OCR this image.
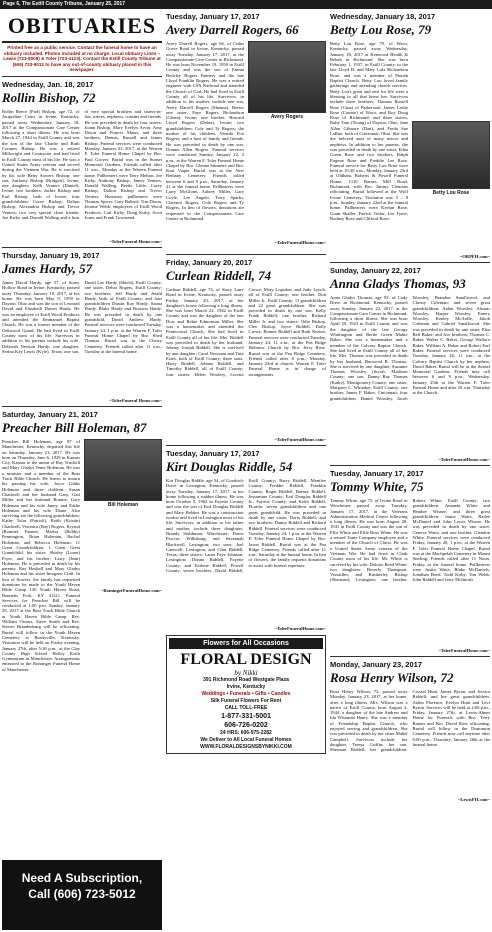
Page 6, The Estill County Tribune, January 25, 2017
OBITUARIES
Printed free as a public service. Contact the funeral home to have an obituary included. Photos included at no charge. Local obituary Lines – Lewis (723-8008) & Toler (723-4123). Contact the Estill County Tribune at (606) 723-9012 to have any out-of-county obituary placed in this newspaper.
Wednesday, Jan. 18, 2017
Rollin Bishop, 72
Rollin Reece (Pud) Bishop, age 72, of Jacqueline Court in Irvine, Kentucky, passed away Wednesday, January 18, 2017 at the Compassionate Care Center following a short illness. He was born March 27, 1944 in Estill County and was the son of the late Charlie and Ruth Coomes Bishop. He was a retired Millwright and Contractor and had lived in Estill County most of his life. He was a United States Army veteran and served during the Vietnam War. He is survived by his wife Betty Sowers Bishop; one son, Anthony Bishop (Bridgett), Irvine; one daughter; Kelli Venters (Daniel), Irvine; two brothers; Jackie Bishop and Earl Bishop, both of Irvine; four grandchildren; Corey Bishop, Dalton Bishop, Alexandria Bishop and Trevor Venters; two very special close friends: Joe Kirby and Donald Walling and a host of very special brothers and sisters-in-law, nieces, nephews, cousins and friends. He was preceded in death by four sisters: Joann Bishop, Mary Evelyn Arvin, Amy Dixon and Francis Mann; and three brothers; Dennis, Russell and James Bishop. Funeral services were conducted Monday, January 23, 2017, at the Warren F. Toler Funeral Home Chapel by Bro. Paul Grover. Burial was in the Sunset Memorial Gardens. Friends called after 11 a.m., Monday at the Warren Funeral home. Pallbearers were Terry Melton, Joe Kirby, Anthony Bishop, Jamey Venters, Donald Walling, Beetle Little, Corey Bishop, Dalton Bishop and Trevor Venters. Honorary pallbearers were Thomas Spicer, Gary Ballard, Tim Dixon, Jerome Webb, employees of Estill Wood Products, Carl Kirby, Doug Kirby, Scott Jones and Frank Townsend.
~TolerFuneral Home.com~
Thursday, January 19, 2017
James Hardy, 57
James David Hardy, age 57, of Stony Hollow Road in Irvine, Kentucky, passed away Thursday, January 19, 2017, at his home. He was born May 9, 1959 in Dayton, Ohio and was the son of Leonard David and Elizabeth Dawes Hardy. He was an employee of Estill Wood Products and attended the Emmanuel Baptist Church. He was a former member of the Oakwood Guard. He had lived in Estill County most of his life. Survivors in addition to his parents include his wife, Deborah Newton Hardy; one daughter, Serina Kay Lewis (Kyle), Texas; one son, David Lee Hardy (Shiela), Estill County; one sister, Debra Rogers, Estill County; two brothers; Jeff Hardy and Jerald Hardy, both of Estill County; and four grandchildren Dustin Kay Hardy, Sauna Hardy, Blake Hardy and Braxton Hardy. He was preceded in death by one grandchild, David Andrew Hardy. Funeral services were conducted Tuesday, January 24, 1 p.m. at the Warren F. Toler Funeral Home Chapel by Bro. Shed Thomas. Burial was in the Cherry Cemetery. Friends called after 11 a.m., Tuesday at the funeral home.
~TolerFuneral Home.com~
Saturday, January 21, 2017
Preacher Bill Holeman, 87
Preacher Bill Holeman, age 87 of Manchester, Kentucky, departed this life on Saturday, January 21, 2017. He was born on Thursday, June 6, 1929 in Kansas City, Kansas to the union of Ray Truckell and Mary Gladys Vener Holeman. He was a minister and a member of the Bear Track Bible Church. He leaves to mourn his passing his wife, Joyce Gibbs Holeman and three children: Susan Chadwell and her husband Gary, Gail Miller and her husband Ronnie, Gary Holeman and his wife Janey, and Eddie Holeman and his wife Diane. Also surviving are the following grandchildren: Kathy Tolar (Patrick), Keith (Kristin) Chadwell, Veronica (Ray) Rogers, Krystal (Ronnie) Farmer, Marisa (Bobby) Pennington, Brian Holeman, Rachel Holeman, and Rebecca Holeman, 11 Great Grandchildren, 1 Great Great Grandchild, his sister: Shirley (Loren) Fryer, and his brother: Larry (Jean) Holeman. He is preceded in death by his parents: Ray Hoskell and Mary Gladys Holeman and his sister Imogene Craft. In lieu of flowers, the family has requested donations be made to the Youth Haven Bible Camp 150 Youth Haven Road, Bennetts Fork, KY 41311. Funeral Services for Preacher Bill will be conducted at 1:00 p.m. Sunday, January 29, 2017 at the Bear Track Bible Church at Youth Haven Bible Camp. Rev. William Owens, Steve Smith and Rev. Steven Brandenburg will be officiating. Burial will follow in the Youth Haven Cemetery at Beattyville, Kentucky. Visitation will be held on Friday evening, January 27th, after 5:30 p.m., at the Clay County High School Holley Keith Gymnasium in Manchester. Arrangements entrusted to the Rominger Funeral Home of Manchester.
Bill Holeman
~RomingerFuneralHome.com~
Need A Subscription,
Call (606) 723-5012
Tuesday, January 17, 2017
Avery Darrell Rogers, 66
Avery Darrell Rogers, age 66, of Cedar Grove Road in Irvine, Kentucky, passed away Tuesday, January 17, 2017, at the Compassionate Care Center in Richmond. He was born November 19, 1950 in Estill County and was the son of Emma Beckley Rogers Fannery and the late Lloyd Franklin Rogers. He was a retired engineer with CSX Railroad and attended the Church of God. He had lived in Estill County all of his life. Survivors, in addition to his mother, include one son, Avery Darrell Rogers (Shauna), Berea; one sister, Faye Rogers Richardson (Glenn), Irvine; one brother, Howard Lloyd Rogers (Debra), Irvine; two grandchildren; Cole and Ty Rogers; the mother of his children, Veneda Fox Rogers; and a host of family and friends. He was preceded in death by one son, Donnie Allen Rogers. Funeral services were conducted Sunday, January 22, 2 p.m., at the Warren F. Toler Funeral Home Chapel by Bro. Glenna Stinnette and Bro. Kurt Vaque. Burial was at the New Bethany Cemetery. Friends called between 6 and 9 p.m., Saturday, January 21 at the funeral home. Pallbearers were Larry McGlone, Aubrey Miller, Gary Coyle, Lee Angelo, Terry Sparks, Clarence Rogers, Cole Rogers and Ty Rogers. In lieu of flowers, donations are requested to the Compassionate Care Center in Richmond.
Avery Rogers
~TolerFuneralHome.com~
Friday, January 20, 2017
Curlean Riddell, 74
Curlean Riddell, age 74, of Stacy Lane Road in Irvine, Kentucky, passed away Friday, January 20, 2017, at her daughter's house following a long illness. She was born March 22, 1942 in Estill County and was the daughter of the late Dow and Rebie Edmonson Miller. She was a homemaker and attended the Pentecostal Church. She had lived in Estill County all of her life. Mrs. Riddell was preceded in death by her husband, Johnny Joseph Riddell. She is survived by one daughter; Carol Newman and Tina Estes, both of Estill County; three sons: Harry Riddell, Johnny Riddell, and Timothy Riddell, all of Estill County; four sisters; Helen Woolery, Loretta Crowe, Mary Logsdon, and Judy Lynch, all of Estill County; one brother, Don Miller Jr., Estill County; 11 grandchildren and 22 great grandchildren. She was preceded in death by one son, Kelly Frank Riddell; one brother, Richard Miller Jr. and two sisters: Odie Bishop, Cleo Bishop, Joyce Riddell, Dolly Crowe, Bonnie Riddell and Ruth Norton. Funeral services were conducted Tuesday, January 24, 11 a.m., at the Pea Ridge Holiness Church by Bro. Jerry Rose. Burial was at the Pea Ridge Cemetery. Friends called after 6 p.m., Monday, January 23rd at church. Warren F. Toler Funeral Home is in charge of arrangements.
~TolerFuneralHome.com~
Tuesday, January 17, 2017
Kirt Douglas Riddle, 54
Kirt Douglas Riddle, age 54, of Goodrich Drive in Lexington, Kentucky, passed away Tuesday, January 17, 2017, at his home following a sudden illness. He was born October 5, 1962 in Fayette County and was the son of Earl Douglas Riddell and Mary Belden. He was a construction worker and lived in Lexington most of his life. Survivors, in addition to his father and mother, include three daughters: Brandy Stubbman, Winchester; Dawn Proctor, Wilkshurg; and Savannah Blackwell, Lexington; two sons: Joel Cantwell, Lexington, and Clint Riddell, Texas; three sisters: Laura Faye Johnson, Lexington; Donna Riddell, Fayette County; and Earlene Riddell, Powell County; seven brothers: David Riddell, Estill County; Barry Riddell, Menifee County; Freddie Riddell, Franklin County; Roger Riddell, Barney Riddell, Jessamine County; Earl Douglas Riddell Jr., Fayette County; and Keith Riddell, Florida; seven grandchildren and one great grandchild. He was preceded in death by one sister, Doris Riddell; and two brothers: Danny Riddell and Richard Riddell. Funeral services were conducted Tuesday, January 24, 1 p.m. at the Warren F. Toler Funeral Home Chapel by Bro. Jason Riddell. Burial was at the Pea Ridge Cemetery. Friends called after 11 a.m., Saturday at the funeral home. In lieu of flowers, the family requests donations to assist with funeral expenses.
~TolerFuneralHome.com~
Flowers for All Occasions
FLORAL DESIGN
by Nikki
391 Richmond Road Westgate Plaza
Irvine, Kentucky
Weddings • Funerals • Gifts • Candles
Silk Funeral Flowers For Rent
CALL TOLL-FREE
1-877-331-5001
606-726-0202
24 HRS: 606-975-2282
We Deliver to All Local Funeral Homes
WWW.FLORALDESIGNSBYNIKKI.COM
Wednesday, January 18, 2017
Betty Lou Rose, 79
Betty Lou Rose, age 79, of Waco, Kentucky, passed away Wednesday, January 18, 2017 at Kenwood Health & Rehab in Richmond. She was born February 1, 1937, in Estill County, to the late Lloyd B. and Mary Lula Richardson Rose, and was a member of Pinoak Baptist Church. Betty Lou loved family gatherings and attending church services. Betty Lou's great and zest for life were a blessing to all that knew her. Survivors include three brothers, Thomas Russell Rose (Gina) of Parkersoul, James Leslie Rose (Connie) of Waco, and Roy Doug Rose of Richmond; and three sisters, Ruby Tom (Young) of Dayton, Ohio, Jane Allen Gilmore (Dan), and Freda Sue LaRue, both of Cincinnati, Ohio. She was the beloved aunt of many nieces and nephews. In addition to her parents, she was preceded in death by one sister, Edna Green Rose and two brothers, Ralph Eugene Rose and Freddie Lee Rose. Funeral service for Betty Lou Rose were held at 10:30 a.m., Monday, January 23rd at Oldham, Roberts & Powell Funeral Home, 1110 Barnes Mill Road, Richmond, with Bro. Jimmy Clemons officiating. Burial followed at the Wolf Irvine Cemetery. Visitation was 5 – 8 p.m., Sunday, January 22nd at the funeral home. Pallbearers were Keelan Rose, Grant Skaller, Patrick Tudor, Lee Tyner, Rodney Rose and Clifford Rose.
Betty Lou Rose
~ORPFH.com~
Sunday, January 22, 2017
Anna Gladys Thomas, 93
Anna Gladys Thomas, age 93, of Cady Drive in Richmond, Kentucky, passed away Sunday, January 22, 2017, at the Compassionate Care Center in Richmond, following a short illness. She was born April 29, 1923 in Estill County and was the daughter of the late George Whittington and Bertie Green Mabie Baker. She was a homemaker and a member of the Calvary Baptist Church. She had lived in Estill County all of her life. Mrs. Thomas was preceded in death by her husband, Burwood R. Thomas. She is survived by one daughter, Suzanne Thomas Woosley (Scott), Madison County; one son, Danny Ray Thomas (Kathy), Montgomery County; one sister, Margaret L. Whitaker, Estill County; one brother, James F. Baker, Cincinnati; four grandchildren, Daniel Woosley, Jacob Woosley, Brandon Smallwood, and Christy Coleman; and seven great grandchildren; Aidan Woosley, Alistair Woosley, Harper Woosley, Emery Woosley, Kenley McArdle, Jakob Coleman and Gabriel Smallwood. She was preceded in death by one sister, Elza Bell Baker; and five brothers; Thomas C. Baker, Walter C. Baker, George Wallace Baker, William A. Baker and Robert Earl Baker. Funeral services were conducted Tuesday, January 26, 11 a.m., at the Calvary Baptist Church by her nephew, David Baker. Burial will be at the Sunset Memorial Gardens. Friends may call between 6 and 9 p.m., Wednesday, January 25th at the Warren F. Toler Funeral Home and after 10 a.m. Thursday at the Church.
~TolerFuneralHome.com~
Tuesday, January 17, 2017
Tommy White, 75
Tommy White, age 75, of Irvine Road in Winchester passed away Tuesday, January 17, 2017, at the Veterans Administration Medical Center following a long illness. He was born August 28, 1941 in Estill County and was the son of Ellis White and Effie Ross White. He was a retired Trane Company employee and a member of the Church of Christ. He was a United States Army veteran of the Vietnam War. He had lived in Clark County most of his life. Mr. White is survived by his wife, Deloris Reed White; two daughters: Beverly Thompson, Versailles; and Kimberley Bishop (Sherman), Lexington; one brother, Robert White, Estill County; two grandchildren: Amanda White and Heather Wisner; and three great grandchildren: Jaime Watts, Bailee McDaniel and John Lewis Wisner. He was preceded in death by one sister, Geneva Watts; and one brother, Glendon White. Funeral services were conducted Friday, January 20, 1 p.m., at the Warren F. Toler Funeral Home Chapel. Burial was at the Machpelah Cemetery in Mount Sterling. Friends called after 11 Noon, Friday, at the funeral home. Pallbearers were Justin Watts, Blake McDaniels, Jonathan Reed, Todd Kirby, Tim Webb, John Riddell and Jerry McIntosh.
~TolerFuneralHome.com~
Monday, January 23, 2017
Rosa Henry Wilson, 72
Rosa Henry Wilson, 72, passed away Monday, January 23, 2017, at her home, after a long illness. Mrs. Wilson was a native of Estill County, born August 4, 1944, a daughter of the late Andrew and Ida Wiseman Henry. She was a member of Friendship Baptist Church, who enjoyed sewing and grandchildren. She was preceded in death by her sister Mabel Campbell. Survivors include her daughter, Teresa Griffin; her son, Sherman Riddell; her grandchildren: Crystal Hunt, James Byron, and Jessica Riddell; and her great grandchildren: Aiden Florence, Evelyn Hunt and Levi Byron. Services will be held at 2:00 p.m., Friday, January 27th, at Lewis-Abner Home for Funerals with Bro. Terry Barnes and Bro. David Ross officiating. Burial will follow in the Duncanon Cemetery. Friends may call anytime after 6:00 p.m., Thursday, January 26th at the funeral home.
~LewisFH.com~
